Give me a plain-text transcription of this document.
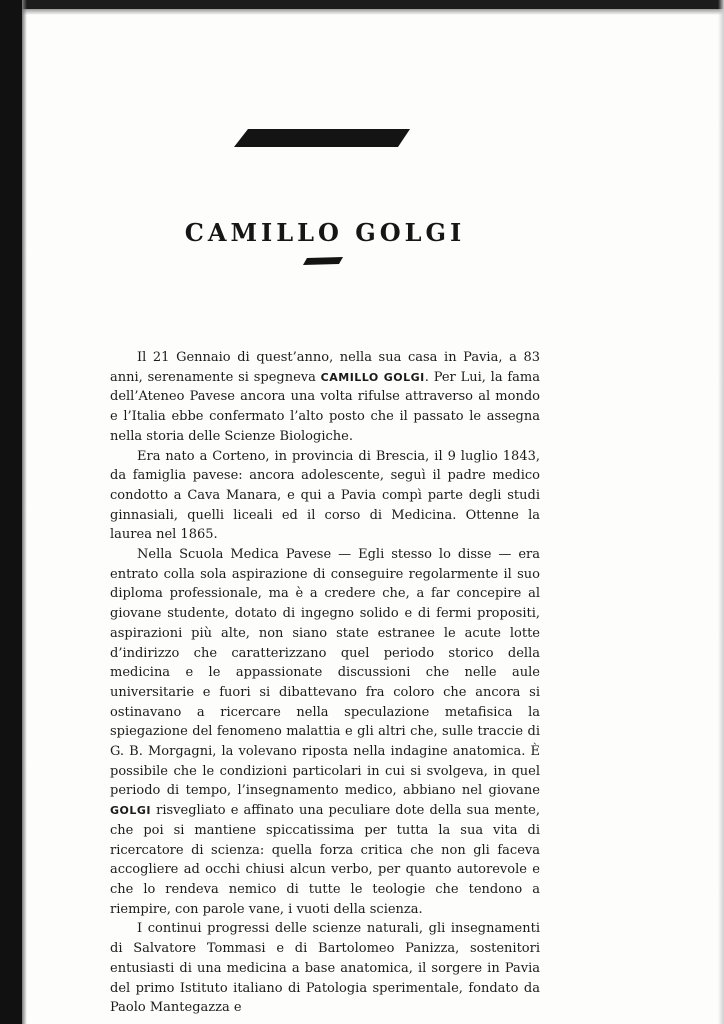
CAMILLO GOLGI

Il 21 Gennaio di quest’anno, nella sua casa in Pavia, a 83 anni, serenamente si spegneva CAMILLO GOLGI. Per Lui, la fama dell’Ateneo Pavese ancora una volta rifulse attraverso al mondo e l’Italia ebbe confermato l’alto posto che il passato le assegna nella storia delle Scienze Biologiche.

Era nato a Corteno, in provincia di Brescia, il 9 luglio 1843, da famiglia pavese: ancora adolescente, seguì il padre medico condotto a Cava Manara, e qui a Pavia compì parte degli studi ginnasiali, quelli liceali ed il corso di Medicina. Ottenne la laurea nel 1865.

Nella Scuola Medica Pavese — Egli stesso lo disse — era entrato colla sola aspirazione di conseguire regolarmente il suo diploma professionale, ma è a credere che, a far concepire al giovane studente, dotato di ingegno solido e di fermi propositi, aspirazioni più alte, non siano state estranee le acute lotte d’indirizzo che caratterizzano quel periodo storico della medicina e le appassionate discussioni che nelle aule universitarie e fuori si dibattevano fra coloro che ancora si ostinavano a ricercare nella speculazione metafisica la spiegazione del fenomeno malattia e gli altri che, sulle traccie di G. B. Morgagni, la volevano riposta nella indagine anatomica. È possibile che le condizioni particolari in cui si svolgeva, in quel periodo di tempo, l’insegnamento medico, abbiano nel giovane GOLGI risvegliato e affinato una peculiare dote della sua mente, che poi si mantiene spiccatissima per tutta la sua vita di ricercatore di scienza: quella forza critica che non gli faceva accogliere ad occhi chiusi alcun verbo, per quanto autorevole e che lo rendeva nemico di tutte le teologie che tendono a riempire, con parole vane, i vuoti della scienza.

I continui progressi delle scienze naturali, gli insegnamenti di Salvatore Tommasi e di Bartolomeo Panizza, sostenitori entusiasti di una medicina a base anatomica, il sorgere in Pavia del primo Istituto italiano di Patologia sperimentale, fondato da Paolo Mantegazza e
